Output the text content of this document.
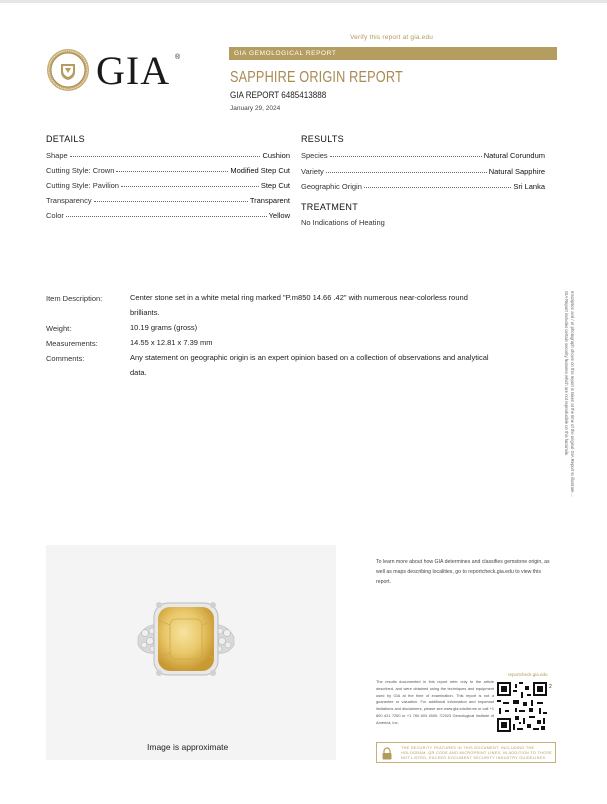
Verify this report at gia.edu
GIA ®
GIA GEMOLOGICAL REPORT
SAPPHIRE ORIGIN REPORT
GIA REPORT 6485413888
January 29, 2024
DETAILS
Shape	Cushion
Cutting Style: Crown	Modified Step Cut
Cutting Style: Pavilion	Step Cut
Transparency	Transparent
Color	Yellow
RESULTS
Species	Natural Corundum
Variety	Natural Sapphire
Geographic Origin	Sri Lanka
TREATMENT
No Indications of Heating
Item Description:	Center stone set in a white metal ring marked "P.m850 14.66 .42" with numerous near-colorless round
brilliants.
Weight:	10.19 grams (gross)
Measurements:	14.55 x 12.81 x 7.39 mm
Comments:	Any statement on geographic origin is an expert opinion based on a collection of observations and analytical
data.	Inscription and / or photograph shown on this report is taken at the time of the original GIA Report to illustrate ...
GIA Report includes certain security features which are not reproducible on this facsimile.
Image is approximate
To learn more about how GIA determines and classifies gemstone origin, as well as maps describing localities, go to reportcheck.gia.edu to view this report.
The results documented in this report refer only to the article described, and were obtained using the techniques and equipment used by GIA at the time of examination. This report is not a guarantee or valuation. For additional information and important limitations and disclaimers, please see www.gia.edu/terms or call +1 800 421 7250 or +1 760 603 4500. ©2023 Gemological Institute of America, Inc.
reportcheck.gia.edu
2
THE SECURITY FEATURES IN THIS DOCUMENT, INCLUDING THE HOLOGRAM, QR CODE AND MICROPRINT LINES, IN ADDITION TO THOSE NOT LISTED, EXCEED DOCUMENT SECURITY INDUSTRY GUIDELINES.
